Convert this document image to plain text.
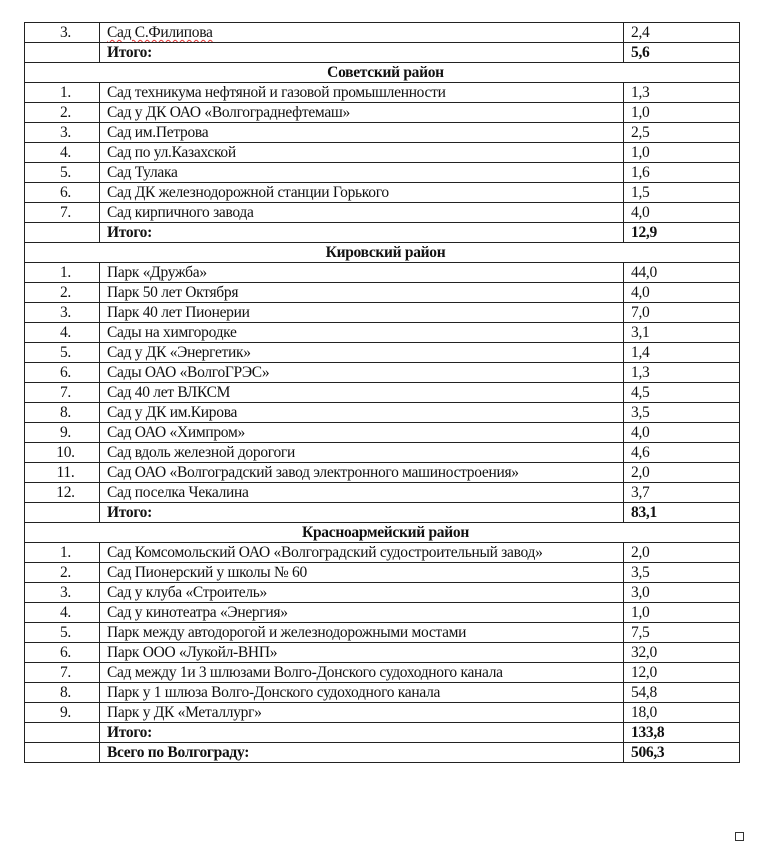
3.	Сад С.Филипова	2,4
	Итого:	5,6
Советский район		
1.	Сад техникума нефтяной и газовой промышленности	1,3
2.	Сад у ДК ОАО «Волгограднефтемаш»	1,0
3.	Сад им.Петрова	2,5
4.	Сад по ул.Казахской	1,0
5.	Сад Тулака	1,6
6.	Сад ДК железнодорожной станции Горького	1,5
7.	Сад кирпичного завода	4,0
	Итого:	12,9
Кировский район		
1.	Парк «Дружба»	44,0
2.	Парк 50 лет Октября	4,0
3.	Парк 40 лет Пионерии	7,0
4.	Сады на химгородке	3,1
5.	Сад у ДК «Энергетик»	1,4
6.	Сады ОАО «ВолгоГРЭС»	1,3
7.	Сад 40 лет ВЛКСМ	4,5
8.	Сад у ДК им.Кирова	3,5
9.	Сад ОАО «Химпром»	4,0
10.	Сад вдоль железной дорогоги	4,6
11.	Сад ОАО «Волгоградский завод электронного машиностроения»	2,0
12.	Сад поселка Чекалина	3,7
	Итого:	83,1
Красноармейский район		
1.	Сад Комсомольский ОАО «Волгоградский судостроительный завод»	2,0
2.	Сад Пионерский у школы № 60	3,5
3.	Сад у клуба «Строитель»	3,0
4.	Сад у кинотеатра «Энергия»	1,0
5.	Парк между автодорогой и железнодорожными мостами	7,5
6.	Парк ООО «Лукойл-ВНП»	32,0
7.	Сад между 1и 3 шлюзами Волго-Донского судоходного канала	12,0
8.	Парк у 1 шлюза Волго-Донского судоходного канала	54,8
9.	Парк у ДК «Металлург»	18,0
	Итого:	133,8
	Всего по Волгограду:	506,3
